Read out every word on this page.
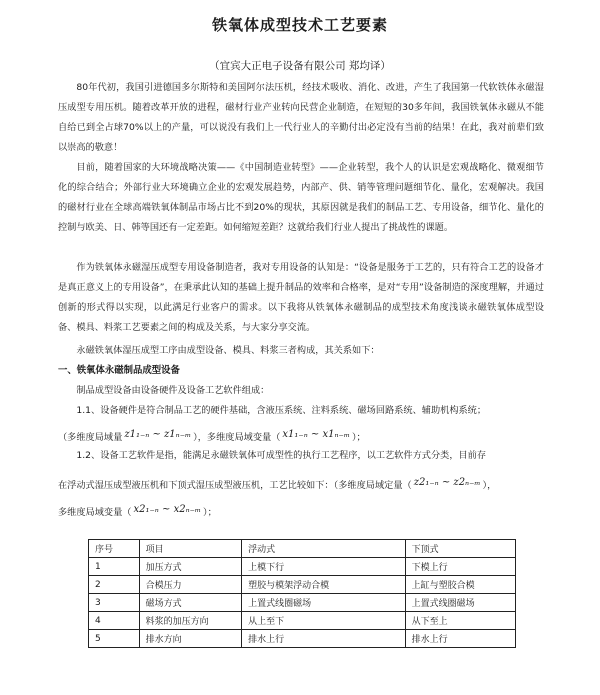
铁氧体成型技术工艺要素
（宜宾大正电子设备有限公司 郑均译）

80年代初，我国引进德国多尔斯特和美国阿尔法压机，经技术吸收、消化、改进，产生了我国第一代软铁体永磁湿压成型专用压机。随着改革开放的进程，磁材行业产业转向民营企业制造，在短短的30多年间，我国铁氧体永磁从不能自给已到全占球70%以上的产量，可以说没有我们上一代行业人的辛勤付出必定没有当前的结果！在此，我对前辈们致以崇高的敬意！

目前，随着国家的大环境战略决策——《中国制造业转型》——企业转型，我个人的认识是宏观战略化、微观细节化的综合结合；外部行业大环境确立企业的宏观发展趋势，内部产、供、销等管理问题细节化、量化，宏观解决。我国的磁材行业在全球高端铁氧体制品市场占比不到20%的现状，其原因就是我们的制品工艺、专用设备，细节化、量化的控制与欧美、日、韩等国还有一定差距。如何缩短差距？这就给我们行业人提出了挑战性的课题。

作为铁氧体永磁湿压成型专用设备制造者，我对专用设备的认知是：“设备是服务于工艺的，只有符合工艺的设备才是真正意义上的专用设备”，在秉承此认知的基础上提升制品的效率和合格率，是对“专用”设备制造的深度理解，并通过创新的形式得以实现，以此满足行业客户的需求。以下我将从铁氧体永磁制品的成型技术角度浅谈永磁铁氧体成型设备、模具、料浆工艺要素之间的构成及关系，与大家分享交流。

永磁铁氧体湿压成型工序由成型设备、模具、料浆三者构成，其关系如下：

一、铁氧体永磁制品成型设备

制品成型设备由设备硬件及设备工艺软件组成：

1.1、设备硬件是符合制品工艺的硬件基础，含液压系统、注料系统、磁场回路系统、辅助机构系统；

（多维度局域量 z1₁₋ₙ ~ z1ₙ₋ₘ ），多维度局域变量（ x1₁₋ₙ ~ x1ₙ₋ₘ ）；

1.2、设备工艺软件是指，能满足永磁铁氧体可成型性的执行工艺程序，以工艺软件方式分类，目前存

在浮动式湿压成型液压机和下顶式湿压成型液压机，工艺比较如下：（多维度局域定量（ z2₁₋ₙ ~ z2ₙ₋ₘ ），

多维度局域变量（ x2₁₋ₙ ~ x2ₙ₋ₘ ）；

序号	项目	浮动式	下顶式
1	加压方式	上模下行	下模上行
2	合模压力	塑胶与模架浮动合模	上缸与塑胶合模
3	磁场方式	上置式线圈磁场	上置式线圈磁场
4	料浆的加压方向	从上至下	从下至上
5	排水方向	排水上行	排水上行
